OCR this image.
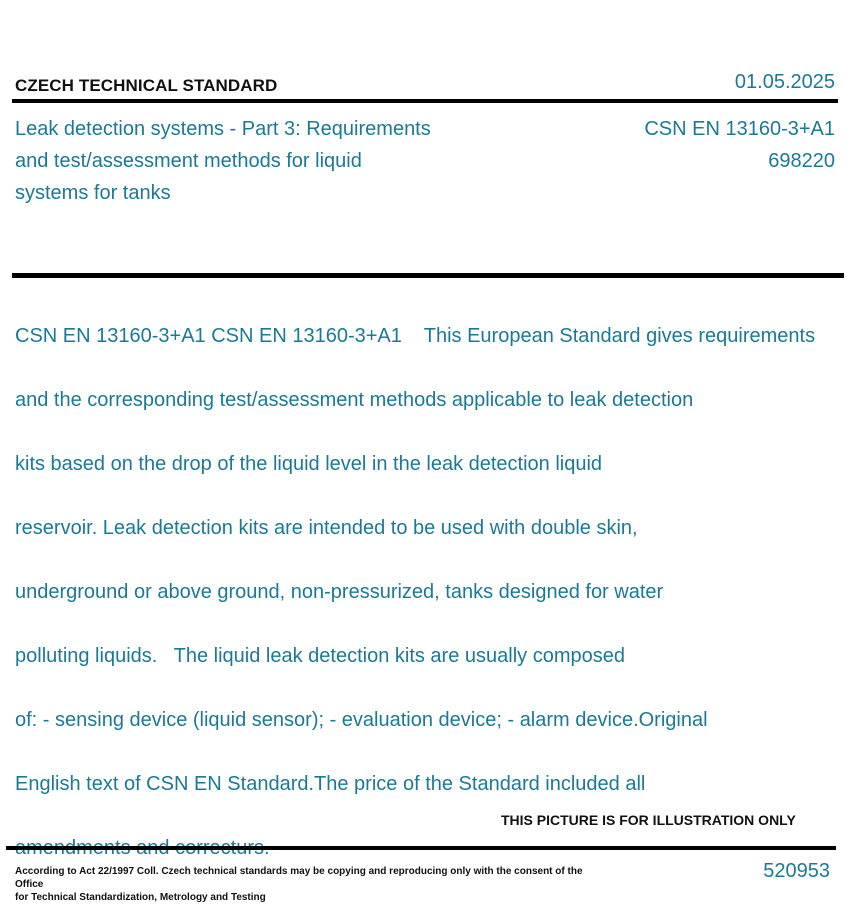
CZECH TECHNICAL STANDARD	01.05.2025
Leak detection systems - Part 3: Requirements
and test/assessment methods for liquid
systems for tanks
CSN EN 13160-3+A1
698220

CSN EN 13160-3+A1 CSN EN 13160-3+A1    This European Standard gives requirements

and the corresponding test/assessment methods applicable to leak detection

kits based on the drop of the liquid level in the leak detection liquid

reservoir. Leak detection kits are intended to be used with double skin,

underground or above ground, non-pressurized, tanks designed for water

polluting liquids.   The liquid leak detection kits are usually composed

of: - sensing device (liquid sensor); - evaluation device; - alarm device.Original

English text of CSN EN Standard.The price of the Standard included all

THIS PICTURE IS FOR ILLUSTRATION ONLY
According to Act 22/1997 Coll. Czech technical standards may be copying and reproducing only with the consent of the Office
for Technical Standardization, Metrology and Testing
520953
